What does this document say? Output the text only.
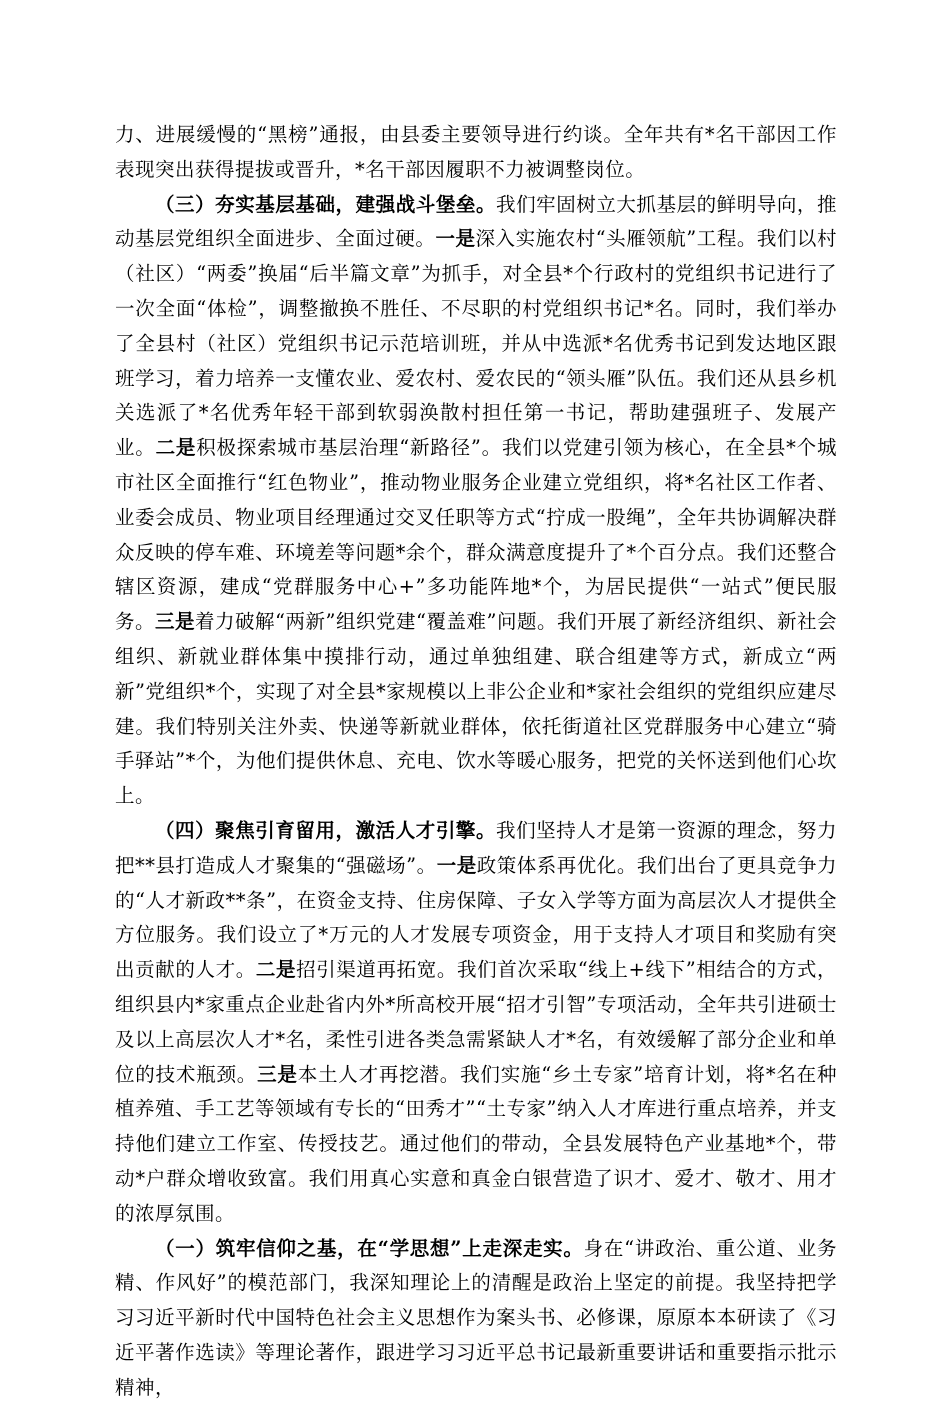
力、进展缓慢的“黑榜”通报，由县委主要领导进行约谈。全年共有*名干部因工作表现突出获得提拔或晋升，*名干部因履职不力被调整岗位。

（三）夯实基层基础，建强战斗堡垒。我们牢固树立大抓基层的鲜明导向，推动基层党组织全面进步、全面过硬。一是深入实施农村“头雁领航”工程。我们以村（社区）“两委”换届“后半篇文章”为抓手，对全县*个行政村的党组织书记进行了一次全面“体检”，调整撤换不胜任、不尽职的村党组织书记*名。同时，我们举办了全县村（社区）党组织书记示范培训班，并从中选派*名优秀书记到发达地区跟班学习，着力培养一支懂农业、爱农村、爱农民的“领头雁”队伍。我们还从县乡机关选派了*名优秀年轻干部到软弱涣散村担任第一书记，帮助建强班子、发展产业。二是积极探索城市基层治理“新路径”。我们以党建引领为核心，在全县*个城市社区全面推行“红色物业”，推动物业服务企业建立党组织，将*名社区工作者、业委会成员、物业项目经理通过交叉任职等方式“拧成一股绳”，全年共协调解决群众反映的停车难、环境差等问题*余个，群众满意度提升了*个百分点。我们还整合辖区资源，建成“党群服务中心+”多功能阵地*个，为居民提供“一站式”便民服务。三是着力破解“两新”组织党建“覆盖难”问题。我们开展了新经济组织、新社会组织、新就业群体集中摸排行动，通过单独组建、联合组建等方式，新成立“两新”党组织*个，实现了对全县*家规模以上非公企业和*家社会组织的党组织应建尽建。我们特别关注外卖、快递等新就业群体，依托街道社区党群服务中心建立“骑手驿站”*个，为他们提供休息、充电、饮水等暖心服务，把党的关怀送到他们心坎上。

（四）聚焦引育留用，激活人才引擎。我们坚持人才是第一资源的理念，努力把**县打造成人才聚集的“强磁场”。一是政策体系再优化。我们出台了更具竞争力的“人才新政**条”，在资金支持、住房保障、子女入学等方面为高层次人才提供全方位服务。我们设立了*万元的人才发展专项资金，用于支持人才项目和奖励有突出贡献的人才。二是招引渠道再拓宽。我们首次采取“线上+线下”相结合的方式，组织县内*家重点企业赴省内外*所高校开展“招才引智”专项活动，全年共引进硕士及以上高层次人才*名，柔性引进各类急需紧缺人才*名，有效缓解了部分企业和单位的技术瓶颈。三是本土人才再挖潜。我们实施“乡土专家”培育计划，将*名在种植养殖、手工艺等领域有专长的“田秀才”“土专家”纳入人才库进行重点培养，并支持他们建立工作室、传授技艺。通过他们的带动，全县发展特色产业基地*个，带动*户群众增收致富。我们用真心实意和真金白银营造了识才、爱才、敬才、用才的浓厚氛围。

（一）筑牢信仰之基，在“学思想”上走深走实。身在“讲政治、重公道、业务精、作风好”的模范部门，我深知理论上的清醒是政治上坚定的前提。我坚持把学习习近平新时代中国特色社会主义思想作为案头书、必修课，原原本本研读了《习近平著作选读》等理论著作，跟进学习习近平总书记最新重要讲话和重要指示批示精神，
